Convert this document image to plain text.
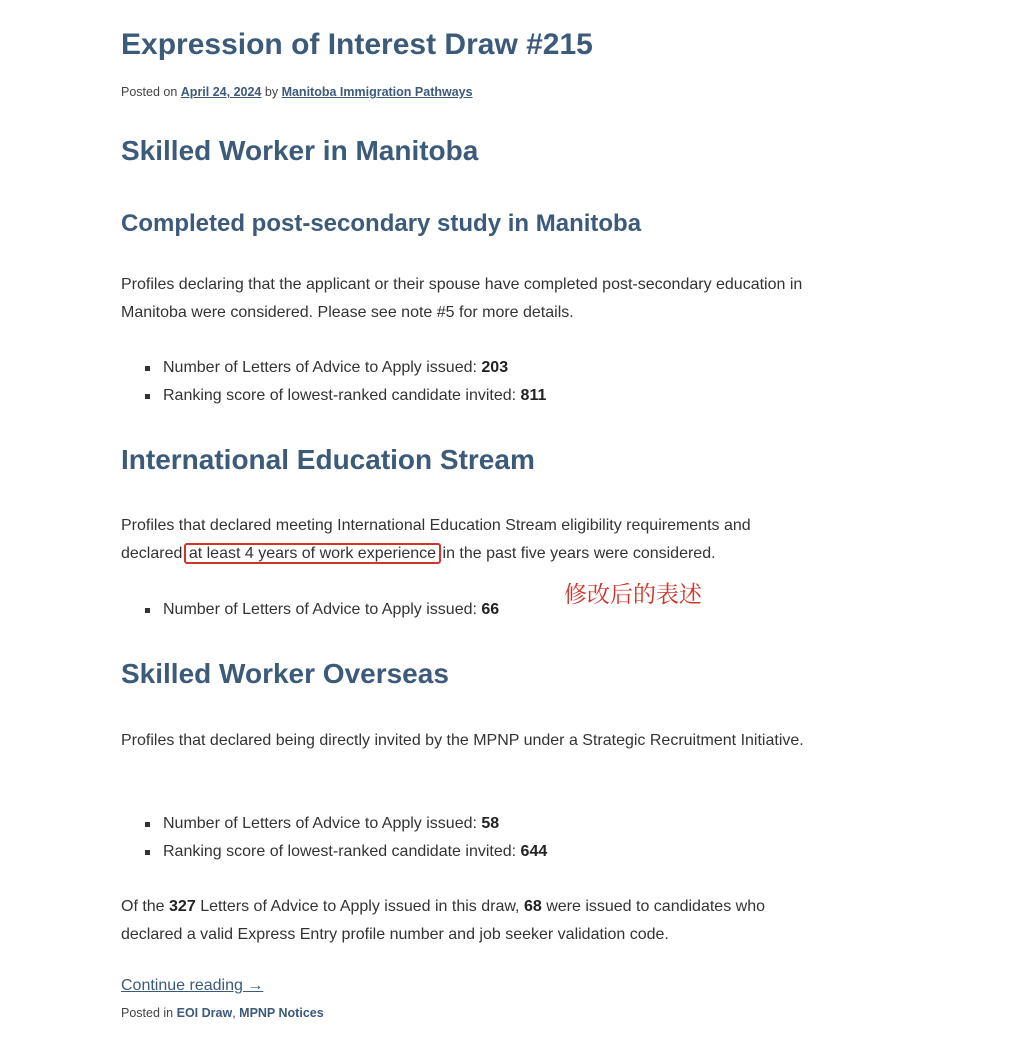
Expression of Interest Draw #215
Posted on April 24, 2024 by Manitoba Immigration Pathways
Skilled Worker in Manitoba
Completed post-secondary study in Manitoba

Profiles declaring that the applicant or their spouse have completed post-secondary education in Manitoba were considered. Please see note #5 for more details.

Number of Letters of Advice to Apply issued: 203
Ranking score of lowest-ranked candidate invited: 811
International Education Stream

Profiles that declared meeting International Education Stream eligibility requirements and declared at least 4 years of work experience in the past five years were considered.

Number of Letters of Advice to Apply issued: 66
Skilled Worker Overseas

Profiles that declared being directly invited by the MPNP under a Strategic Recruitment Initiative.

Number of Letters of Advice to Apply issued: 58
Ranking score of lowest-ranked candidate invited: 644

Of the 327 Letters of Advice to Apply issued in this draw, 68 were issued to candidates who declared a valid Express Entry profile number and job seeker validation code.

Continue reading →

Posted in EOI Draw, MPNP Notices
修改后的表述
